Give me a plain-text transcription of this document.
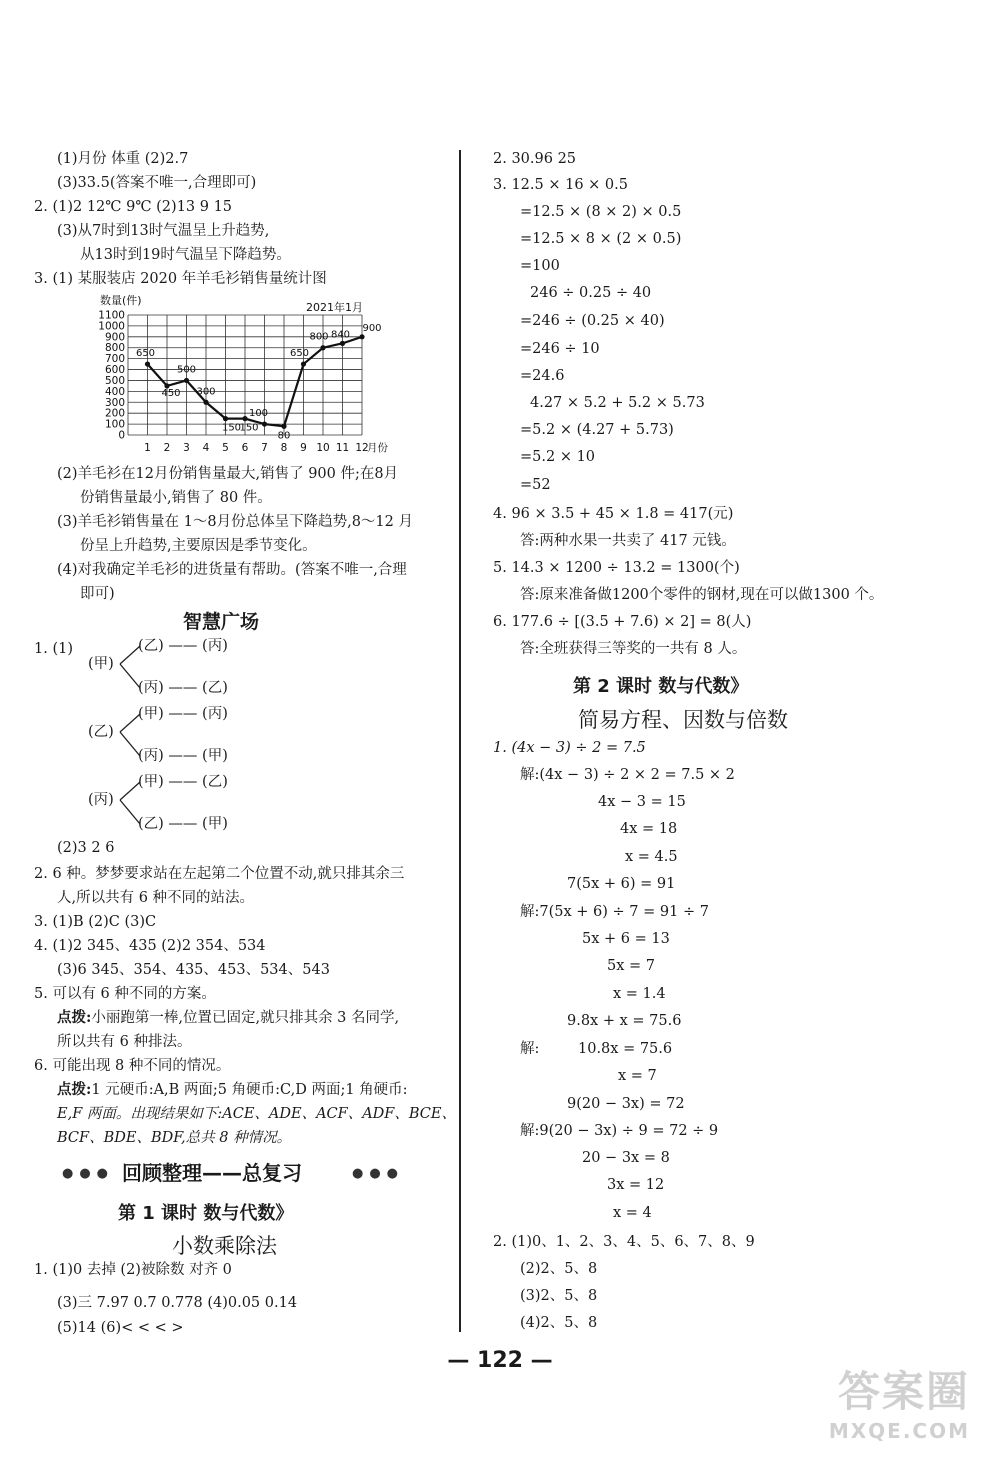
(1)月份 体重 (2)2.7
(3)33.5(答案不唯一,合理即可)
2. (1)2 12℃ 9℃ (2)13 9 15
(3)从7时到13时气温呈上升趋势,
从13时到19时气温呈下降趋势。
3. (1) 某服装店 2020 年羊毛衫销售量统计图
0
100
200
300
400
500
600
700
800
900
1000
1100
1 2 3 4 5 6 7 8 9 10 11 12
数量(件)
月份
2021年1月
650
450
500
300
150
150
100
80
650
800 840
900
(2)羊毛衫在12月份销售量最大,销售了 900 件;在8月
份销售量最小,销售了 80 件。
(3)羊毛衫销售量在 1～8月份总体呈下降趋势,8～12 月
份呈上升趋势,主要原因是季节变化。
(4)对我确定羊毛衫的进货量有帮助。(答案不唯一,合理
即可)
智慧广场
1. (1)
(甲)
(乙) —— (丙)
(丙) —— (乙)
(乙)
(甲) —— (丙)
(丙) —— (甲)
(丙)
(甲) —— (乙)
(乙) —— (甲)
(2)3 2 6
2. 6 种。梦梦要求站在左起第二个位置不动,就只排其余三
人,所以共有 6 种不同的站法。
3. (1)B (2)C (3)C
4. (1)2 345、435 (2)2 354、534
(3)6 345、354、435、453、534、543
5. 可以有 6 种不同的方案。
点拨:小丽跑第一棒,位置已固定,就只排其余 3 名同学,
所以共有 6 种排法。
6. 可能出现 8 种不同的情况。
点拨:1 元硬币:A,B 两面;5 角硬币:C,D 两面;1 角硬币:
E,F 两面。出现结果如下:ACE、ADE、ACF、ADF、BCE、
BCF、BDE、BDF,总共 8 种情况。
●●● 回顾整理——总复习	●●●
第 1 课时 数与代数》
小数乘除法
1. (1)0 去掉 (2)被除数 对齐 0
(3)三 7.97 0.7 0.778 (4)0.05 0.14
(5)14 (6)< < < >
2. 30.96 25
3. 12.5 × 16 × 0.5
=12.5 × (8 × 2) × 0.5
=12.5 × 8 × (2 × 0.5)
=100
246 ÷ 0.25 ÷ 40
=246 ÷ (0.25 × 40)
=246 ÷ 10
=24.6
4.27 × 5.2 + 5.2 × 5.73
=5.2 × (4.27 + 5.73)
=5.2 × 10
=52
4. 96 × 3.5 + 45 × 1.8 = 417(元)
答:两种水果一共卖了 417 元钱。
5. 14.3 × 1200 ÷ 13.2 = 1300(个)
答:原来准备做1200个零件的钢材,现在可以做1300 个。
6. 177.6 ÷ [(3.5 + 7.6) × 2] = 8(人)
答:全班获得三等奖的一共有 8 人。
第 2 课时 数与代数》
简易方程、因数与倍数
1. (4x − 3) ÷ 2 = 7.5
解:(4x − 3) ÷ 2 × 2 = 7.5 × 2
4x − 3 = 15
4x = 18
x = 4.5
7(5x + 6) = 91
解:7(5x + 6) ÷ 7 = 91 ÷ 7
5x + 6 = 13
5x = 7
x = 1.4
9.8x + x = 75.6
解:	10.8x = 75.6
x = 7
9(20 − 3x) = 72
解:9(20 − 3x) ÷ 9 = 72 ÷ 9
20 − 3x = 8
3x = 12
x = 4
2. (1)0、1、2、3、4、5、6、7、8、9
(2)2、5、8
(3)2、5、8
(4)2、5、8
— 122 —
答案圈
MXQE.COM
